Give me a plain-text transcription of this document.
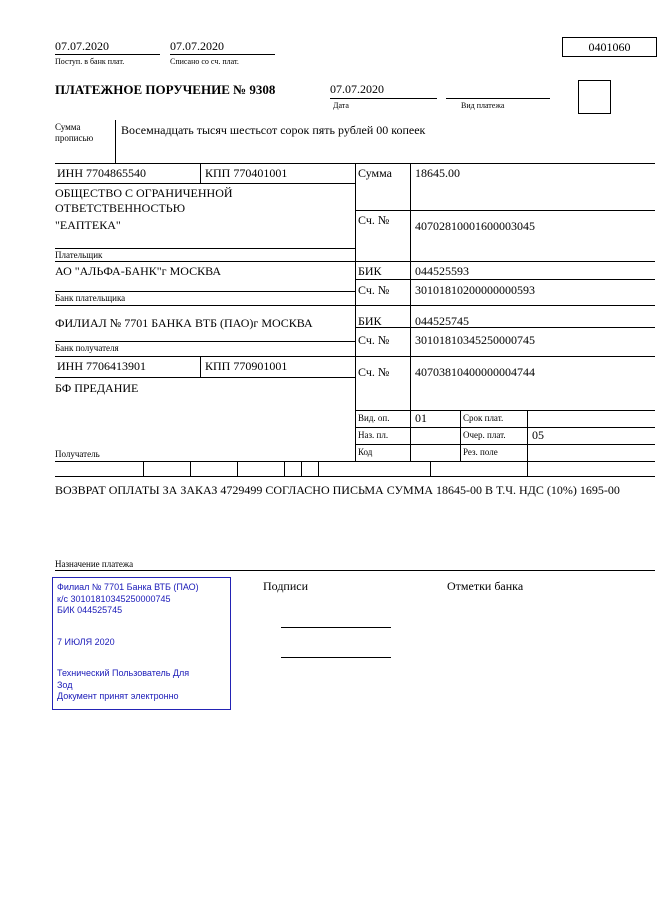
07.07.2020
Поступ. в банк плат.
07.07.2020
Списано со сч. плат.
0401060
ПЛАТЕЖНОЕ ПОРУЧЕНИЕ № 9308	07.07.2020
Дата	Вид платежа
Сумма прописью
Восемнадцать тысяч шестьсот сорок пять рублей 00 копеек
ИНН 7704865540	КПП 770401001
ОБЩЕСТВО С ОГРАНИЧЕННОЙ ОТВЕТСТВЕННОСТЬЮ
"ЕАПТЕКА"
Плательщик
Сумма 18645.00
Сч. № 40702810001600003045
АО "АЛЬФА-БАНК"г МОСКВА
Банк плательщика
БИК	044525593
Сч. № 30101810200000000593
ФИЛИАЛ № 7701 БАНКА ВТБ (ПАО)г МОСКВА
Банк получателя
БИК	044525745
Сч. № 30101810345250000745
ИНН 7706413901	КПП 770901001
БФ ПРЕДАНИЕ
Получатель
Сч. № 40703810400000004744
Вид. оп. 01	Срок плат.
Наз. пл.	Очер. плат. 05
Код	Рез. поле
ВОЗВРАТ ОПЛАТЫ ЗА ЗАКАЗ 4729499 СОГЛАСНО ПИСЬМА СУММА 18645-00 В Т.Ч. НДС (10%) 1695-00
Назначение платежа
Подписи	Отметки банка
Филиал № 7701 Банка ВТБ (ПАО)
к/с 30101810345250000745
БИК 044525745
7 ИЮЛЯ 2020
Технический Пользователь Для
Зод
Документ принят электронно
